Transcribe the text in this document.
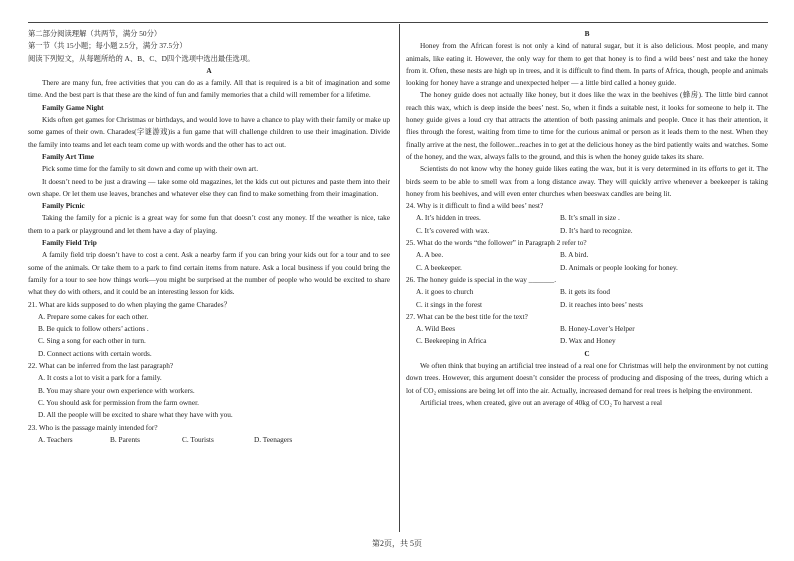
第二部分阅读理解（共两节，满分 50分）
第一节（共 15小题；每小题 2.5分，满分 37.5分）
阅读下列短文，从每题所给的 A、B、C、D四个选项中选出最佳选项。
A

There are many fun, free activities that you can do as a family. All that is required is a bit of imagination and some time. And the best part is that these are the kind of fun and family memories that a child will remember for a lifetime.

Family Game Night

Kids often get games for Christmas or birthdays, and would love to have a chance to play with their family or make up some games of their own. Charades(字谜游戏)is a fun game that will challenge children to use their imagination. Divide the family into teams and let each team come up with words and the other has to act out.

Family Art Time

Pick some time for the family to sit down and come up with their own art.

It doesn’t need to be just a drawing — take some old magazines, let the kids cut out pictures and paste them into their own shape. Or let them use leaves, branches and whatever else they can find to make something from their imagination.

Family Picnic

Taking the family for a picnic is a great way for some fun that doesn’t cost any money. If the weather is nice, take them to a park or playground and let them have a day of playing.

Family Field Trip

A family field trip doesn’t have to cost a cent. Ask a nearby farm if you can bring your kids out for a tour and to see some of the animals. Or take them to a park to find certain items from nature. Ask a local business if you could bring the family for a tour to see how things work—you might be surprised at the number of people who would be excited to share what they do with others, and it could be an interesting lesson for kids.

21. What are kids supposed to do when playing the game Charades？
A. Prepare some cakes for each other.
B. Be quick to follow others’ actions .
C. Sing a song for each other in turn.
D. Connect actions with certain words.
22. What can be inferred from the last paragraph?
A. It costs a lot to visit a park for a family.
B. You may share your own experience with workers.
C. You should ask for permission from the farm owner.
D. All the people will be excited to share what they have with you.
23. Who is the passage mainly intended for?
A. Teachers	B. Parents	C. Tourists	D. Teenagers
B

Honey from the African forest is not only a kind of natural sugar, but it is also delicious. Most people, and many animals, like eating it. However, the only way for them to get that honey is to find a wild bees’ nest and take the honey from it. Often, these nests are high up in trees, and it is difficult to find them. In parts of Africa, though, people and animals looking for honey have a strange and unexpected helper — a little bird called a honey guide.

The honey guide does not actually like honey, but it does like the wax in the beehives (蜂房). The little bird cannot reach this wax, which is deep inside the bees’ nest. So, when it finds a suitable nest, it looks for someone to help it. The honey guide gives a loud cry that attracts the attention of both passing animals and people. Once it has their attention, it flies through the forest, waiting from time to time for the curious animal or person as it leads them to the nest. When they finally arrive at the nest, the follower...reaches in to get at the delicious honey as the bird patiently waits and watches. Some of the honey, and the wax, always falls to the ground, and this is when the honey guide takes its share.

Scientists do not know why the honey guide likes eating the wax, but it is very determined in its efforts to get it. The birds seem to be able to smell wax from a long distance away. They will quickly arrive whenever a beekeeper is taking honey from his beehives, and will even enter churches when beeswax candles are being lit.

24. Why is it difficult to find a wild bees’ nest?
A. It’s hidden in trees.	B. It’s small in size .
C. It’s covered with wax.	D. It’s hard to recognize.
25. What do the words “the follower” in Paragraph 2 refer to?
A. A bee.	B. A bird.
C. A beekeeper.	D. Animals or people looking for honey.
26. The honey guide is special in the way _______.
A. it goes to church	B. it gets its food
C. it sings in the forest	D. it reaches into bees’ nests
27. What can be the best title for the text?
A. Wild Bees	B. Honey-Lover’s Helper
C. Beekeeping in Africa	D. Wax and Honey
C

We often think that buying an artificial tree instead of a real one for Christmas will help the environment by not cutting down trees. However, this argument doesn’t consider the process of producing and disposing of the trees, during which a lot of CO₂ emissions are being let off into the air. Actually, increased demand for real trees is helping the environment.

Artificial trees, when created, give out an average of 40kg of CO₂ To harvest a real

第2页，共 5页
